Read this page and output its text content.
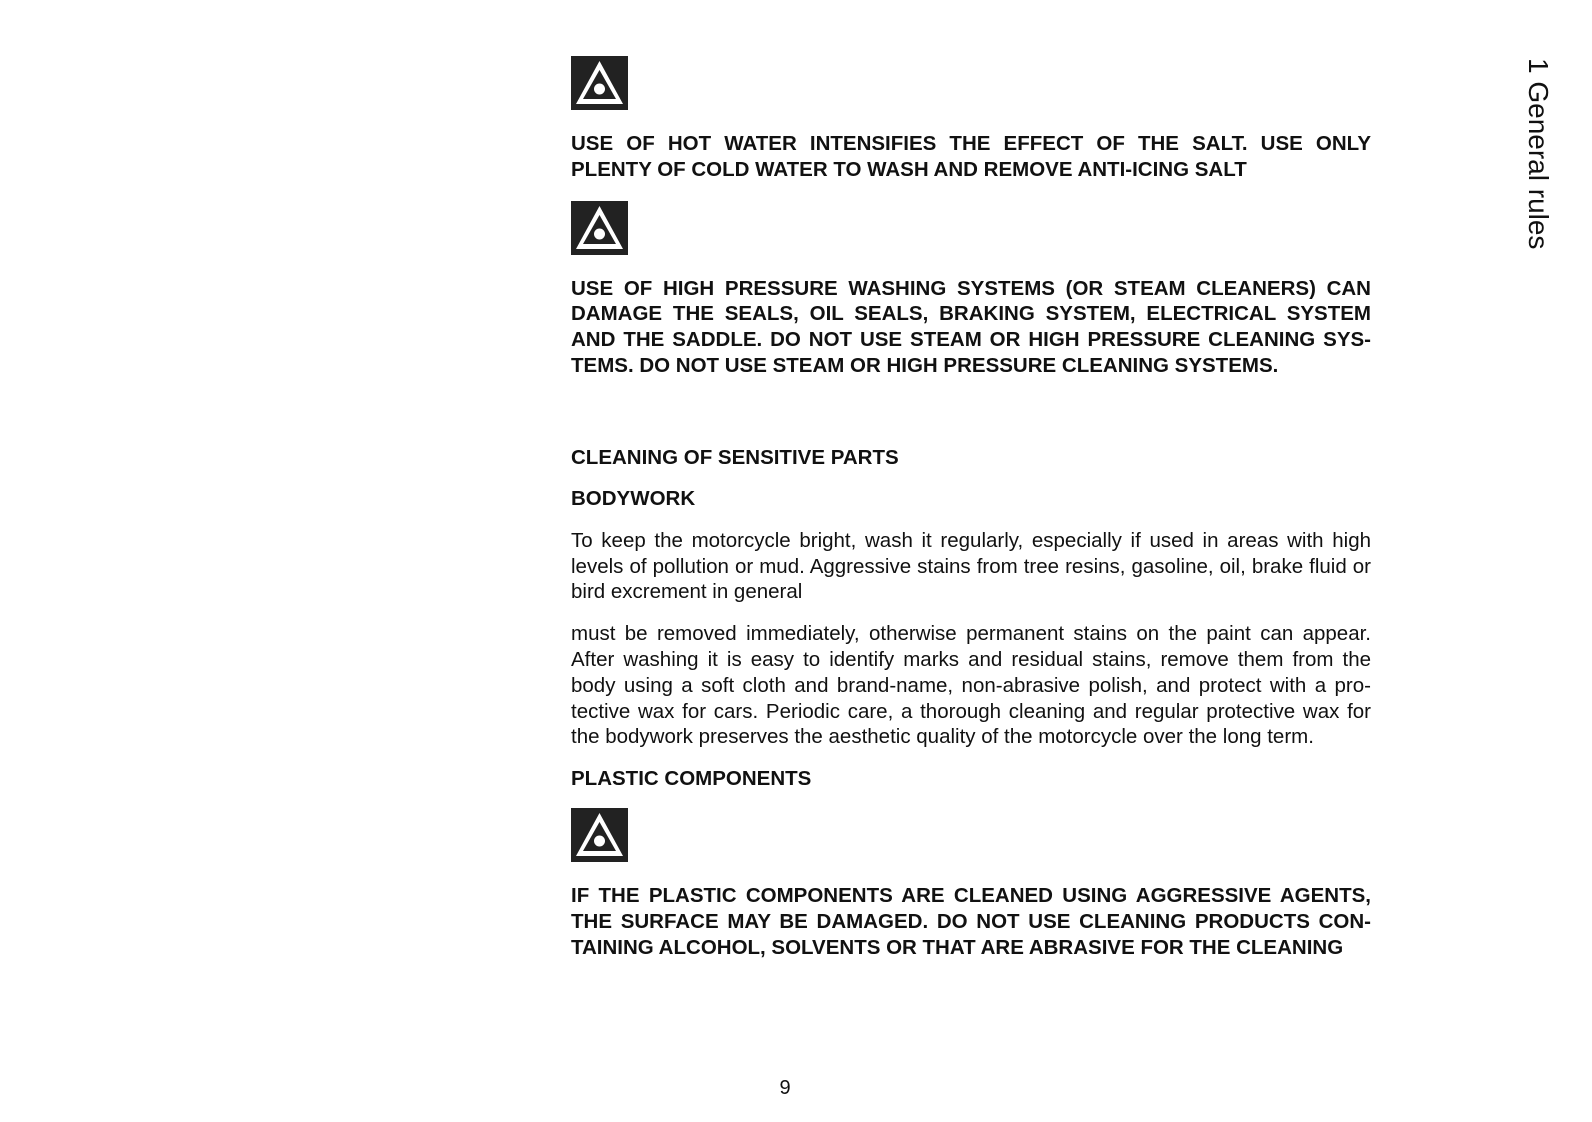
1 General rules

USE OF HOT WATER INTENSIFIES THE EFFECT OF THE SALT. USE ONLY PLENTY OF COLD WATER TO WASH AND REMOVE ANTI-ICING SALT

USE OF HIGH PRESSURE WASHING SYSTEMS (OR STEAM CLEANERS) CAN DAMAGE THE SEALS, OIL SEALS, BRAKING SYSTEM, ELECTRICAL SYSTEM AND THE SADDLE. DO NOT USE STEAM OR HIGH PRESSURE CLEANING SYSTEMS. DO NOT USE STEAM OR HIGH PRESSURE CLEANING SYSTEMS.

CLEANING OF SENSITIVE PARTS
BODYWORK

To keep the motorcycle bright, wash it regularly, especially if used in areas with high levels of pollution or mud. Aggressive stains from tree resins, gasoline, oil, brake fluid or bird excrement in general

must be removed immediately, otherwise permanent stains on the paint can appear. After washing it is easy to identify marks and residual stains, remove them from the body using a soft cloth and brand-name, non-abrasive polish, and protect with a protective wax for cars. Periodic care, a thorough cleaning and regular protective wax for the bodywork preserves the aesthetic quality of the motorcycle over the long term.

PLASTIC COMPONENTS

IF THE PLASTIC COMPONENTS ARE CLEANED USING AGGRESSIVE AGENTS, THE SURFACE MAY BE DAMAGED. DO NOT USE CLEANING PRODUCTS CONTAINING ALCOHOL, SOLVENTS OR THAT ARE ABRASIVE FOR THE CLEANING

9
